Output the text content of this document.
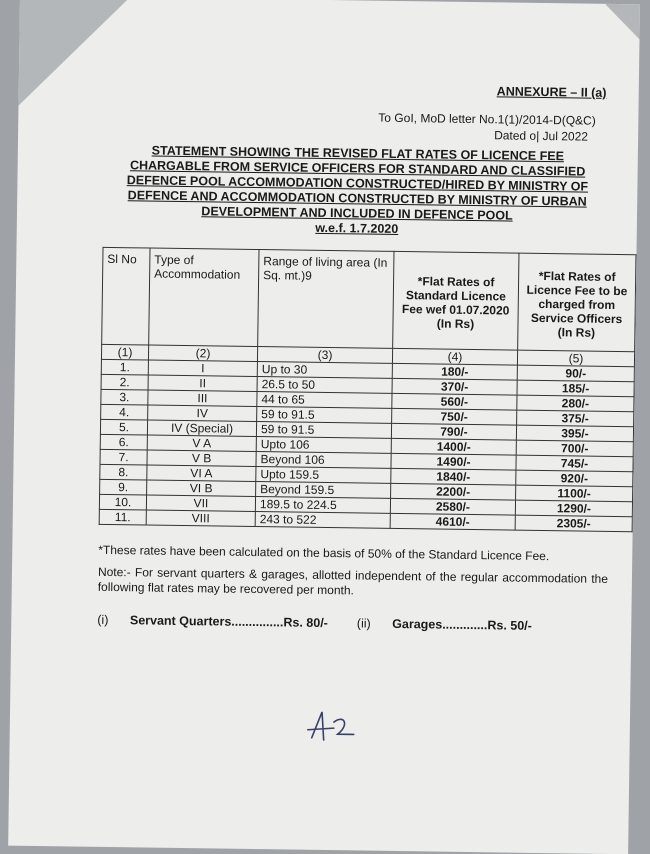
ANNEXURE – II (a)
To GoI, MoD letter No.1(1)/2014-D(Q&C)
Dated o| Jul 2022
STATEMENT SHOWING THE REVISED FLAT RATES OF LICENCE FEE
CHARGABLE FROM SERVICE OFFICERS FOR STANDARD AND CLASSIFIED
DEFENCE POOL ACCOMMODATION CONSTRUCTED/HIRED BY MINISTRY OF
DEFENCE AND ACCOMMODATION CONSTRUCTED BY MINISTRY OF URBAN
DEVELOPMENT AND INCLUDED IN DEFENCE POOL
w.e.f. 1.7.2020
Sl No	Type of Accommodation	Range of living area (In Sq. mt.)9	*Flat Rates of Standard Licence Fee wef 01.07.2020 (In Rs)	*Flat Rates of Licence Fee to be charged from Service Officers (In Rs)
(1)	(2)	(3)	(4)	(5)
1.	I	Up to 30	180/-	90/-
2.	II	26.5 to 50	370/-	185/-
3.	III	44 to 65	560/-	280/-
4.	IV	59 to 91.5	750/-	375/-
5.	IV (Special)	59 to 91.5	790/-	395/-
6.	V A	Upto 106	1400/-	700/-
7.	V B	Beyond 106	1490/-	745/-
8.	VI A	Upto 159.5	1840/-	920/-
9.	VI B	Beyond 159.5	2200/-	1100/-
10.	VII	189.5 to 224.5	2580/-	1290/-
11.	VIII	243 to 522	4610/-	2305/-
*These rates have been calculated on the basis of 50% of the Standard Licence Fee.
Note:- For servant quarters & garages, allotted independent of the regular accommodation the following flat rates may be recovered per month.
(i) Servant Quarters...............Rs. 80/- (ii) Garages.............Rs. 50/-
